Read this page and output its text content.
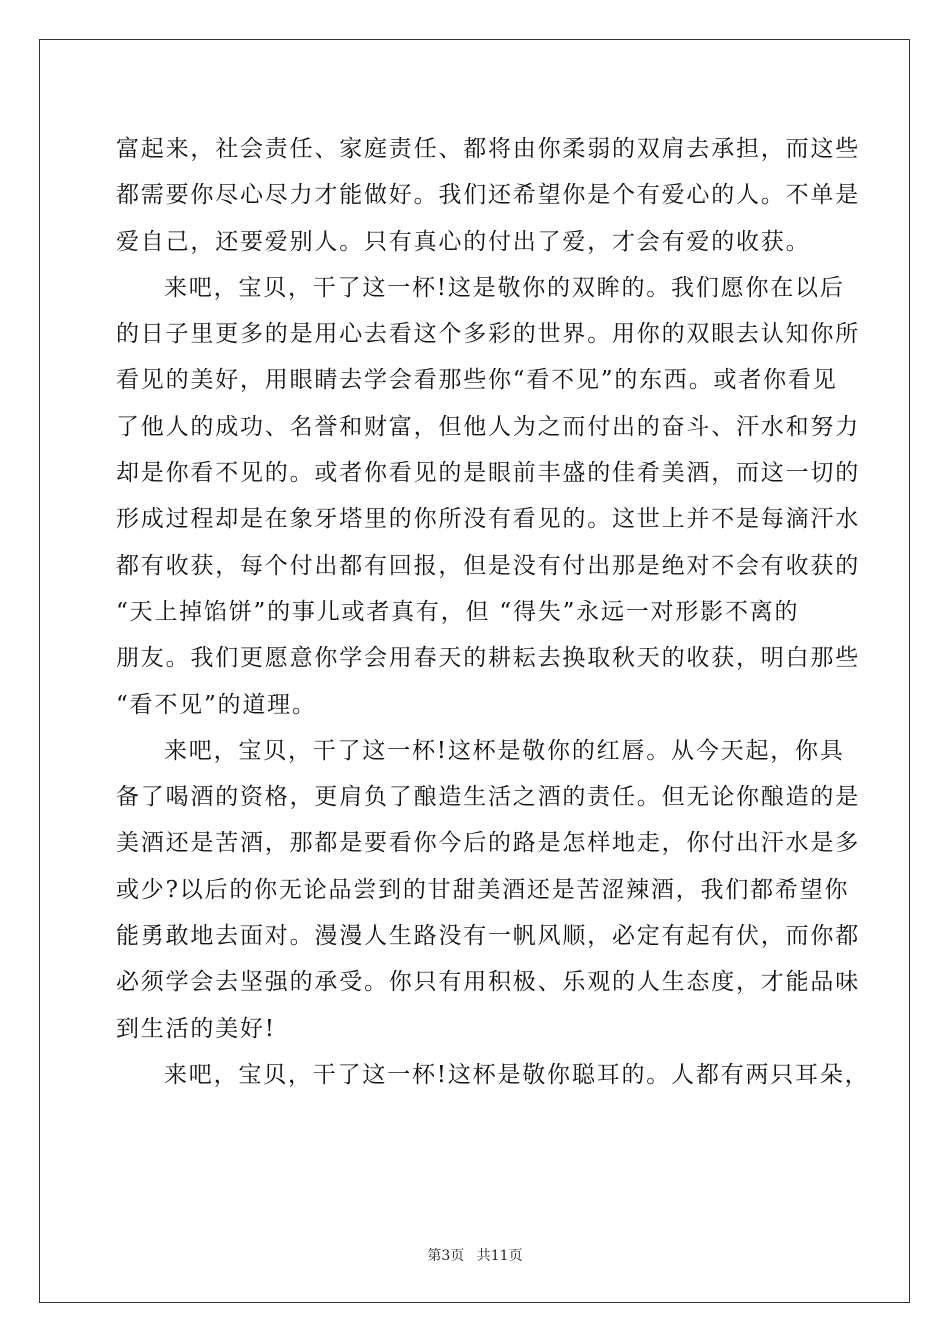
富起来，社会责任、家庭责任、都将由你柔弱的双肩去承担，而这些
都需要你尽心尽力才能做好。我们还希望你是个有爱心的人。不单是
爱自己，还要爱别人。只有真心的付出了爱，才会有爱的收获。
来吧，宝贝，干了这一杯!这是敬你的双眸的。我们愿你在以后
的日子里更多的是用心去看这个多彩的世界。用你的双眼去认知你所
看见的美好，用眼睛去学会看那些你“看不见”的东西。或者你看见
了他人的成功、名誉和财富，但他人为之而付出的奋斗、汗水和努力
却是你看不见的。或者你看见的是眼前丰盛的佳肴美酒，而这一切的
形成过程却是在象牙塔里的你所没有看见的。这世上并不是每滴汗水
都有收获，每个付出都有回报，但是没有付出那是绝对不会有收获的
“天上掉馅饼”的事儿或者真有，但 “得失”永远一对形影不离的
朋友。我们更愿意你学会用春天的耕耘去换取秋天的收获，明白那些
“看不见”的道理。
来吧，宝贝，干了这一杯!这杯是敬你的红唇。从今天起，你具
备了喝酒的资格，更肩负了酿造生活之酒的责任。但无论你酿造的是
美酒还是苦酒，那都是要看你今后的路是怎样地走，你付出汗水是多
或少?以后的你无论品尝到的甘甜美酒还是苦涩辣酒，我们都希望你
能勇敢地去面对。漫漫人生路没有一帆风顺，必定有起有伏，而你都
必须学会去坚强的承受。你只有用积极、乐观的人生态度，才能品味
到生活的美好!
来吧，宝贝，干了这一杯!这杯是敬你聪耳的。人都有两只耳朵，
第3页 共11页
